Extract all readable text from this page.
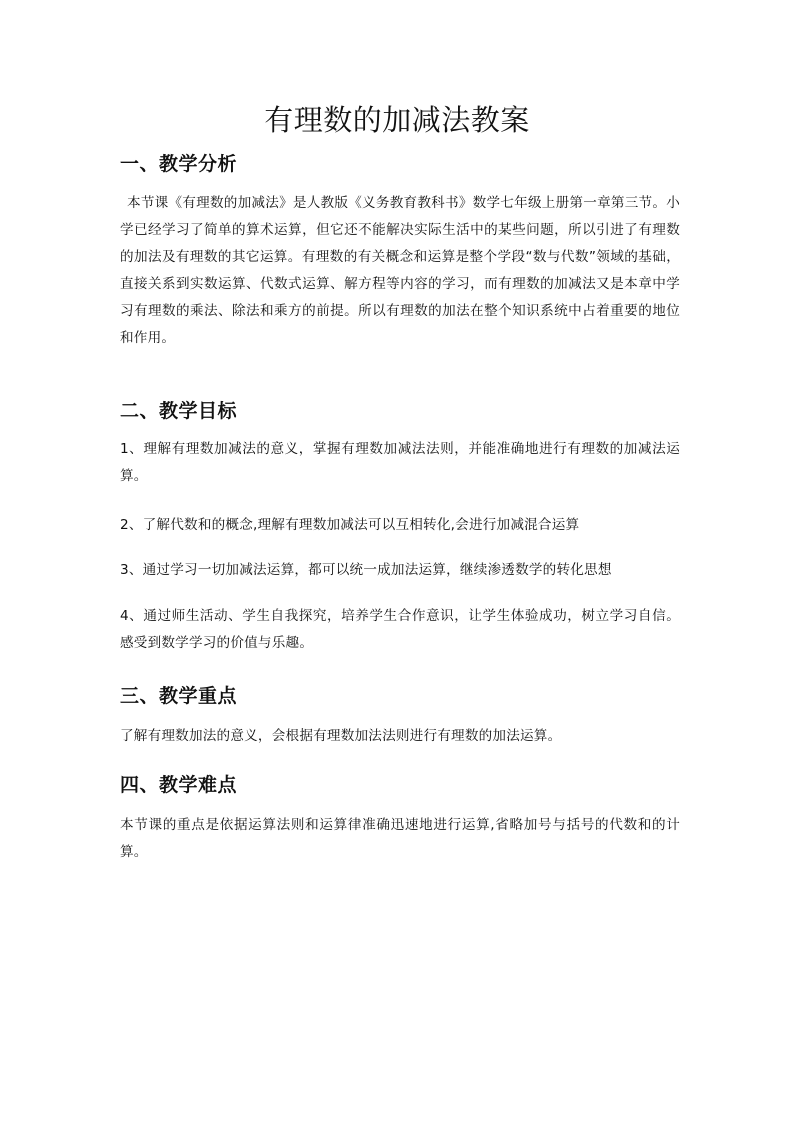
有理数的加减法教案
一、教学分析

本节课《有理数的加减法》是人教版《义务教育教科书》数学七年级上册第一章第三节。小学已经学习了简单的算术运算，但它还不能解决实际生活中的某些问题，所以引进了有理数的加法及有理数的其它运算。有理数的有关概念和运算是整个学段“数与代数”领域的基础，直接关系到实数运算、代数式运算、解方程等内容的学习，而有理数的加减法又是本章中学习有理数的乘法、除法和乘方的前提。所以有理数的加法在整个知识系统中占着重要的地位和作用。

二、教学目标

1、理解有理数加减法的意义，掌握有理数加减法法则，并能准确地进行有理数的加减法运算。

2、了解代数和的概念,理解有理数加减法可以互相转化,会进行加减混合运算

3、通过学习一切加减法运算，都可以统一成加法运算，继续渗透数学的转化思想

4、通过师生活动、学生自我探究，培养学生合作意识，让学生体验成功，树立学习自信。感受到数学学习的价值与乐趣。

三、教学重点

了解有理数加法的意义，会根据有理数加法法则进行有理数的加法运算。

四、教学难点

本节课的重点是依据运算法则和运算律准确迅速地进行运算,省略加号与括号的代数和的计算。
